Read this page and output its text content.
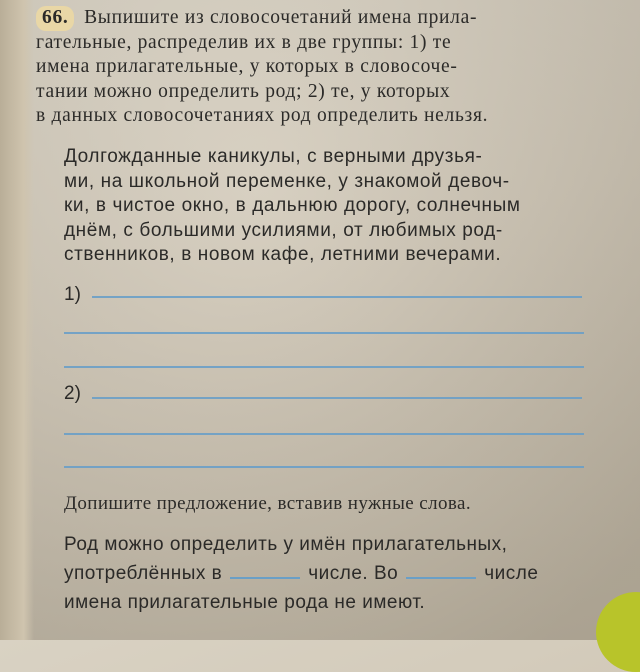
66. Выпишите из словосочетаний имена прила-
гательные, распределив их в две группы: 1) те
имена прилагательные, у которых в словосоче-
тании можно определить род; 2) те, у которых
в данных словосочетаниях род определить нельзя.
Долгожданные каникулы, с верными друзья-
ми, на школьной переменке, у знакомой девоч-
ки, в чистое окно, в дальнюю дорогу, солнечным
днём, с большими усилиями, от любимых род-
ственников, в новом кафе, летними вечерами.
1)
2)
Допишите предложение, вставив нужные слова.
Род можно определить у имён прилагательных,
употреблённых в	числе. Во	числе
имена прилагательные рода не имеют.
